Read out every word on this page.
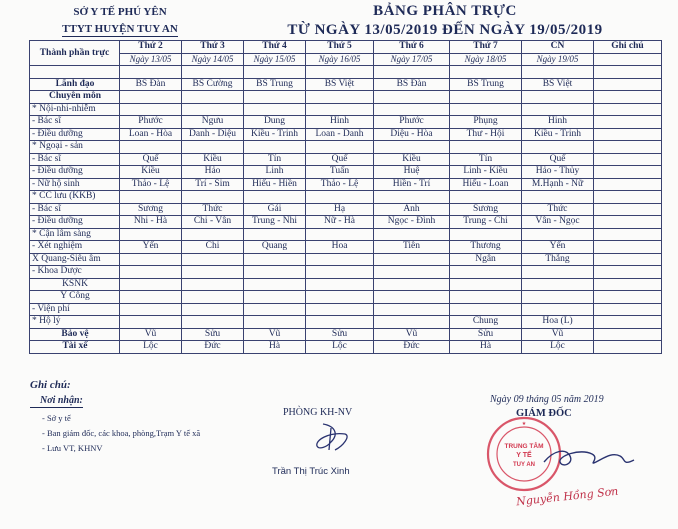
SỞ Y TẾ PHÚ YÊN
TTYT HUYỆN TUY AN
BẢNG PHÂN TRỰC
TỪ NGÀY 13/05/2019 ĐẾN NGÀY 19/05/2019
Thành phần trực	Thứ 2	Thứ 3	Thứ 4	Thứ 5	Thứ 6	Thứ 7	CN	Ghi chú
	Ngày 13/05	Ngày 14/05	Ngày 15/05	Ngày 16/05	Ngày 17/05	Ngày 18/05	Ngày 19/05	

Lãnh đạo	BS Đàn	BS Cường	BS Trung	BS Việt	BS Đàn	BS Trung	BS Việt	
Chuyên môn								
* Nội-nhi-nhiễm								
- Bác sĩ	Phước	Ngưu	Dung	Hinh	Phước	Phụng	Hinh	
- Điều dưỡng	Loan - Hòa	Danh - Diệu	Kiều - Trinh	Loan - Danh	Diệu - Hòa	Thư - Hội	Kiều - Trinh	
* Ngoại - sản								
- Bác sĩ	Quế	Kiều	Tín	Quế	Kiều	Tín	Quế	
- Điều dưỡng	Kiều	Hảo	Linh	Tuấn	Huệ	Linh - Kiều	Hảo - Thủy	
- Nữ hộ sinh	Thảo - Lệ	Trí - Sim	Hiếu - Hiền	Thảo - Lệ	Hiền - Trí	Hiếu - Loan	M.Hạnh - Nữ	
* CC lưu (KKB)								
- Bác sĩ	Sương	Thức	Gái	Hạ	Anh	Sương	Thức	
- Điều dưỡng	Nhi - Hà	Chi - Vân	Trung - Nhi	Nữ - Hà	Ngọc - Đình	Trung - Chi	Vân - Ngọc	
* Cận lâm sàng								
- Xét nghiệm	Yến	Chi	Quang	Hoa	Tiên	Thương	Yến	
X Quang-Siêu âm						Ngân	Thắng	
- Khoa Dược								
KSNK								
Y Công								
- Viện phí								
* Hộ lý						Chung	Hoa (L)	
Bảo vệ	Vũ	Sửu	Vũ	Sửu	Vũ	Sửu	Vũ	
Tài xế	Lộc	Đức	Hà	Lộc	Đức	Hà	Lộc	
Ghi chú:
Nơi nhận:
- Sở y tế
- Ban giám đốc, các khoa, phòng,Trạm Y tế xã
- Lưu VT, KHNV
PHÒNG KH-NV
Trần Thị Trúc Xinh
Ngày 09 tháng 05 năm 2019
GIÁM ĐỐC
TRUNG TÂM
Y TẾ
TUY AN
★
Nguyễn Hồng Sơn
